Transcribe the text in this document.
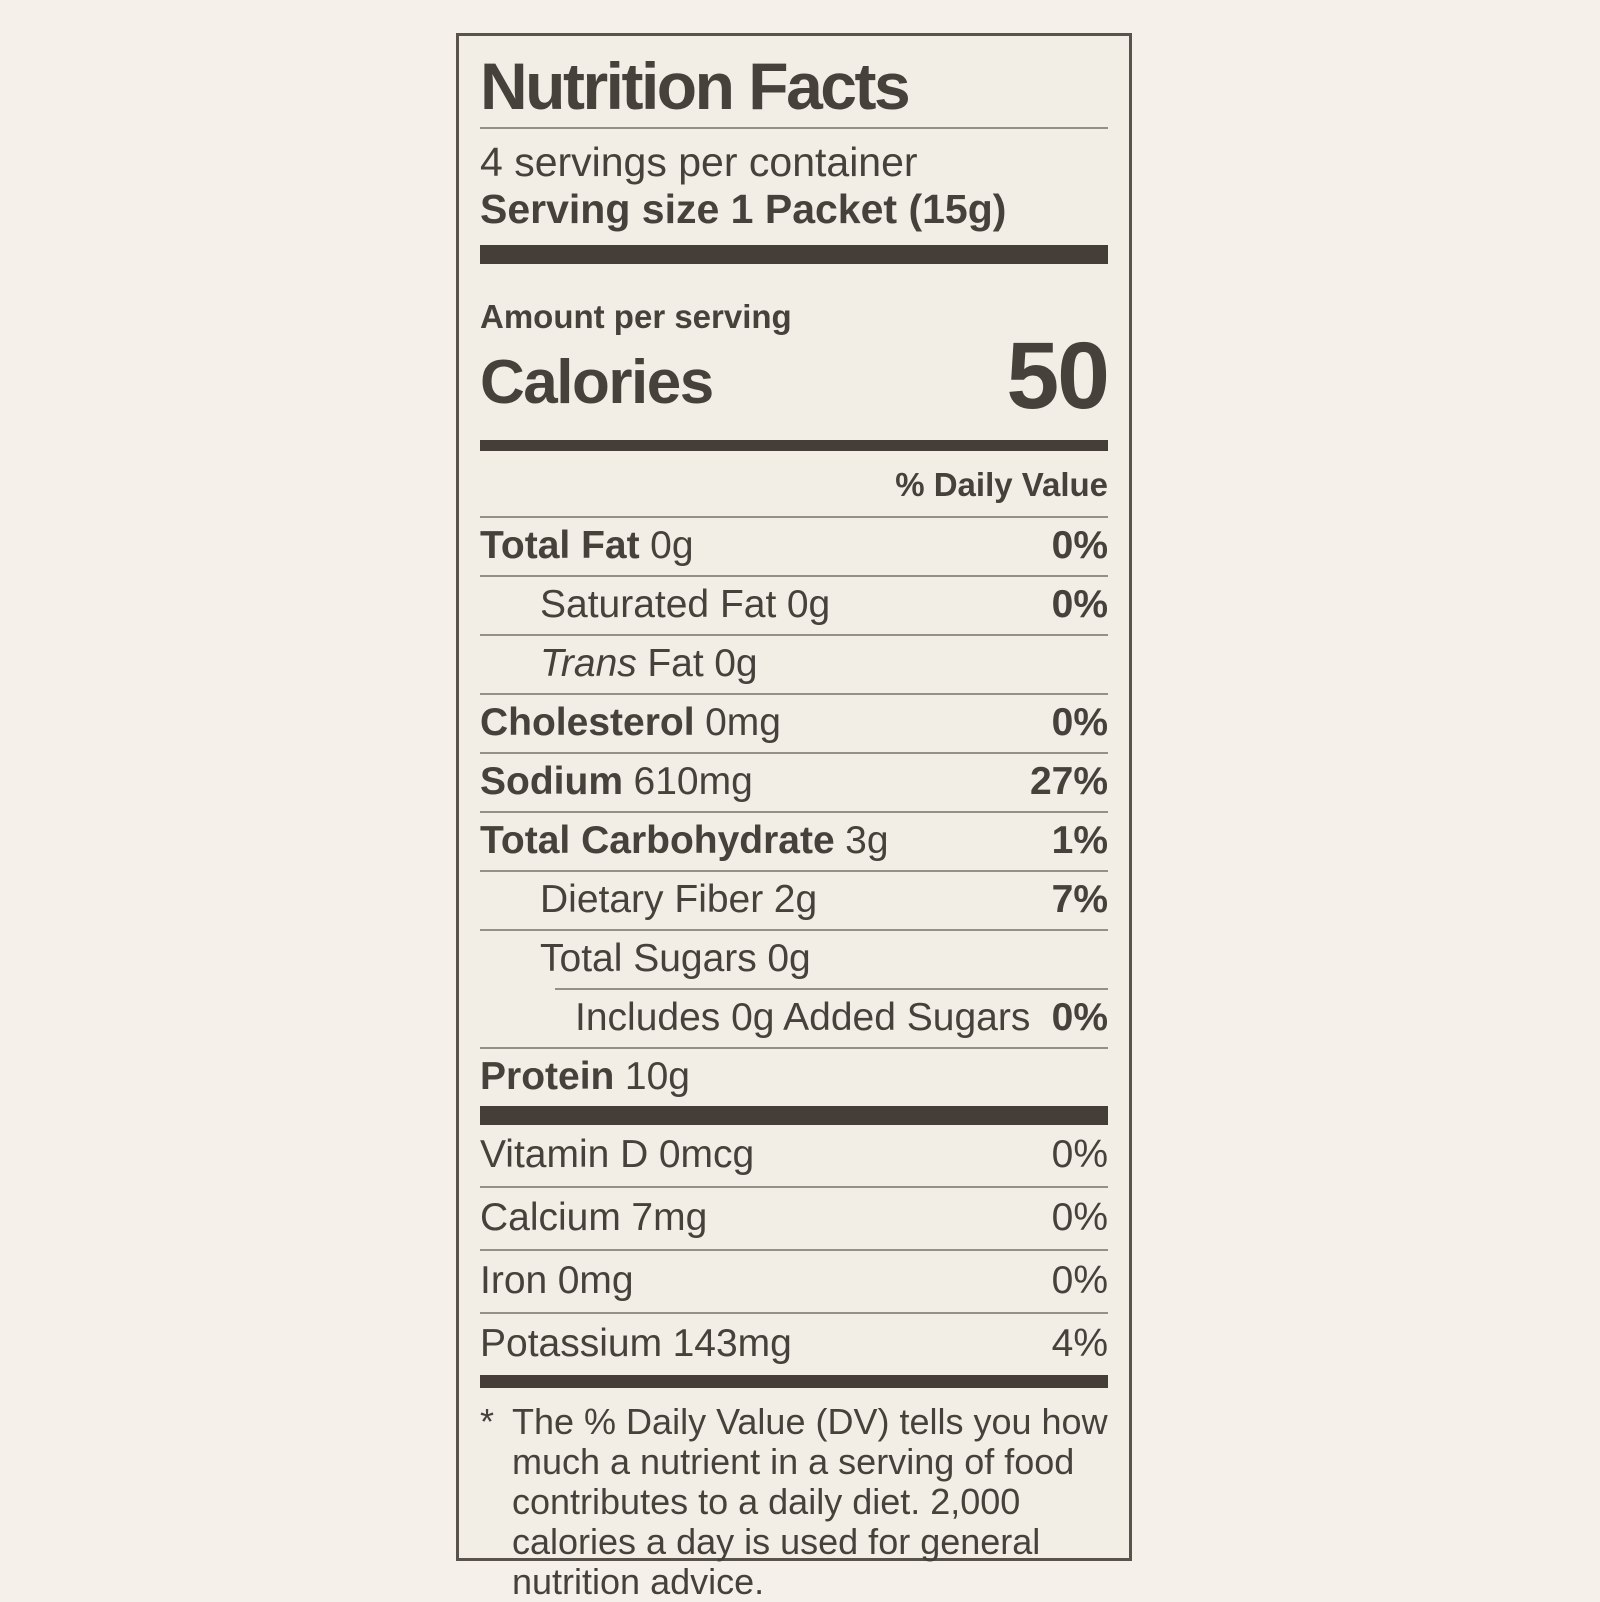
Nutrition Facts
4 servings per container
Serving size 1 Packet (15g)
Amount per serving
Calories	50
% Daily Value
Total Fat 0g	0%
Saturated Fat 0g	0%
Trans Fat 0g
Cholesterol 0mg	0%
Sodium 610mg	27%
Total Carbohydrate 3g	1%
Dietary Fiber 2g	7%
Total Sugars 0g
Includes 0g Added Sugars 0%
Protein 10g
Vitamin D 0mcg	0%
Calcium 7mg	0%
Iron 0mg	0%
Potassium 143mg	4%
* The % Daily Value (DV) tells you how
much a nutrient in a serving of food
contributes to a daily diet. 2,000
calories a day is used for general
nutrition advice.
